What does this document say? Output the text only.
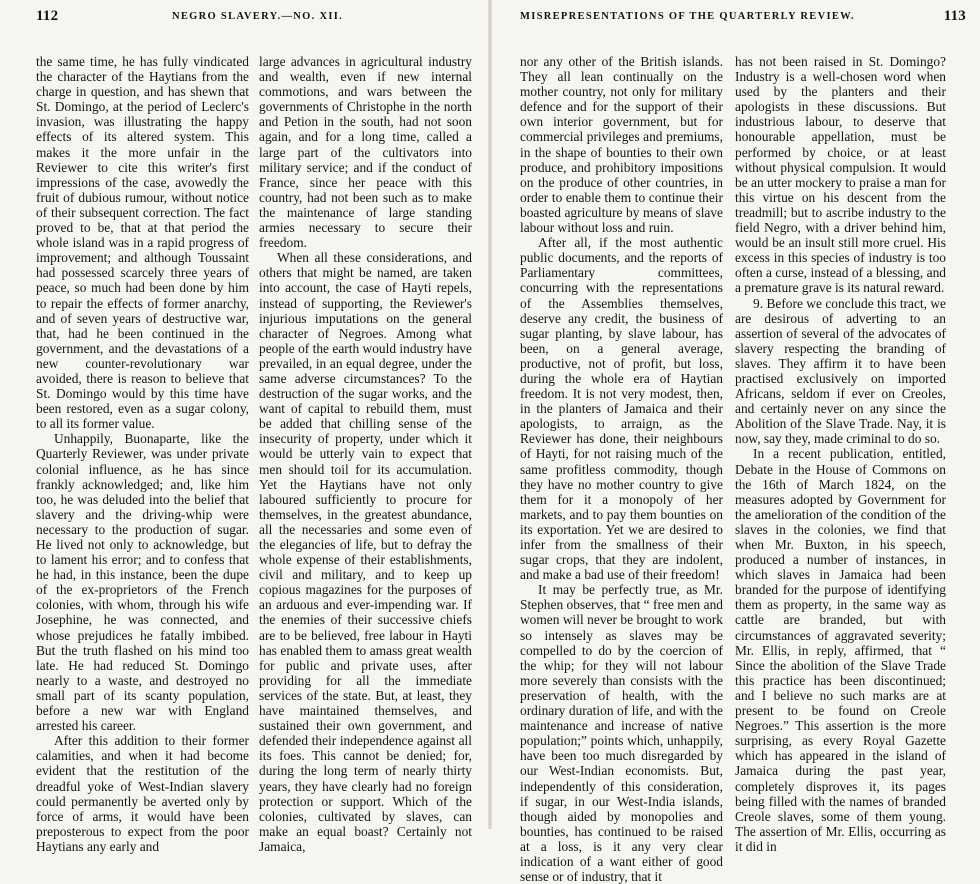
112	NEGRO SLAVERY.—NO. XII.

the same time, he has fully vindicated the character of the Haytians from the charge in question, and has shewn that St. Domingo, at the period of Leclerc's invasion, was illustrating the happy effects of its altered system. This makes it the more unfair in the Reviewer to cite this writer's first impressions of the case, avowedly the fruit of dubious rumour, without notice of their subsequent correction. The fact proved to be, that at that period the whole island was in a rapid progress of improvement; and although Toussaint had possessed scarcely three years of peace, so much had been done by him to repair the effects of former anarchy, and of seven years of destructive war, that, had he been continued in the government, and the devastations of a new counter-revolutionary war avoided, there is reason to believe that St. Domingo would by this time have been restored, even as a sugar colony, to all its former value.

Unhappily, Buonaparte, like the Quarterly Reviewer, was under private colonial influence, as he has since frankly acknowledged; and, like him too, he was deluded into the belief that slavery and the driving-whip were necessary to the production of sugar. He lived not only to acknowledge, but to lament his error; and to confess that he had, in this instance, been the dupe of the ex-proprietors of the French colonies, with whom, through his wife Josephine, he was connected, and whose prejudices he fatally imbibed. But the truth flashed on his mind too late. He had reduced St. Domingo nearly to a waste, and destroyed no small part of its scanty population, before a new war with England arrested his career.

After this addition to their former calamities, and when it had become evident that the restitution of the dreadful yoke of West-Indian slavery could permanently be averted only by force of arms, it would have been preposterous to expect from the poor Haytians any early and

large advances in agricultural industry and wealth, even if new internal commotions, and wars between the governments of Christophe in the north and Petion in the south, had not soon again, and for a long time, called a large part of the cultivators into military service; and if the conduct of France, since her peace with this country, had not been such as to make the maintenance of large standing armies necessary to secure their freedom.

When all these considerations, and others that might be named, are taken into account, the case of Hayti repels, instead of supporting, the Reviewer's injurious imputations on the general character of Negroes. Among what people of the earth would industry have prevailed, in an equal degree, under the same adverse circumstances? To the destruction of the sugar works, and the want of capital to rebuild them, must be added that chilling sense of the insecurity of property, under which it would be utterly vain to expect that men should toil for its accumulation. Yet the Haytians have not only laboured sufficiently to procure for themselves, in the greatest abundance, all the necessaries and some even of the elegancies of life, but to defray the whole expense of their establishments, civil and military, and to keep up copious magazines for the purposes of an arduous and ever-impending war. If the enemies of their successive chiefs are to be believed, free labour in Hayti has enabled them to amass great wealth for public and private uses, after providing for all the immediate services of the state. But, at least, they have maintained themselves, and sustained their own government, and defended their independence against all its foes. This cannot be denied; for, during the long term of nearly thirty years, they have clearly had no foreign protection or support. Which of the colonies, cultivated by slaves, can make an equal boast? Certainly not Jamaica,

MISREPRESENTATIONS OF THE QUARTERLY REVIEW.	113

nor any other of the British islands. They all lean continually on the mother country, not only for military defence and for the support of their own interior government, but for commercial privileges and premiums, in the shape of bounties to their own produce, and prohibitory impositions on the produce of other countries, in order to enable them to continue their boasted agriculture by means of slave labour without loss and ruin.

After all, if the most authentic public documents, and the reports of Parliamentary committees, concurring with the representations of the Assemblies themselves, deserve any credit, the business of sugar planting, by slave labour, has been, on a general average, productive, not of profit, but loss, during the whole era of Haytian freedom. It is not very modest, then, in the planters of Jamaica and their apologists, to arraign, as the Reviewer has done, their neighbours of Hayti, for not raising much of the same profitless commodity, though they have no mother country to give them for it a monopoly of her markets, and to pay them bounties on its exportation. Yet we are desired to infer from the smallness of their sugar crops, that they are indolent, and make a bad use of their freedom!

It may be perfectly true, as Mr. Stephen observes, that “ free men and women will never be brought to work so intensely as slaves may be compelled to do by the coercion of the whip; for they will not labour more severely than consists with the preservation of health, with the ordinary duration of life, and with the maintenance and increase of native population;” points which, unhappily, have been too much disregarded by our West-Indian economists. But, independently of this consideration, if sugar, in our West-India islands, though aided by monopolies and bounties, has continued to be raised at a loss, is it any very clear indication of a want either of good sense or of industry, that it

has not been raised in St. Domingo? Industry is a well-chosen word when used by the planters and their apologists in these discussions. But industrious labour, to deserve that honourable appellation, must be performed by choice, or at least without physical compulsion. It would be an utter mockery to praise a man for this virtue on his descent from the treadmill; but to ascribe industry to the field Negro, with a driver behind him, would be an insult still more cruel. His excess in this species of industry is too often a curse, instead of a blessing, and a premature grave is its natural reward.

9. Before we conclude this tract, we are desirous of adverting to an assertion of several of the advocates of slavery respecting the branding of slaves. They affirm it to have been practised exclusively on imported Africans, seldom if ever on Creoles, and certainly never on any since the Abolition of the Slave Trade. Nay, it is now, say they, made criminal to do so.

In a recent publication, entitled, Debate in the House of Commons on the 16th of March 1824, on the measures adopted by Government for the amelioration of the condition of the slaves in the colonies, we find that when Mr. Buxton, in his speech, produced a number of instances, in which slaves in Jamaica had been branded for the purpose of identifying them as property, in the same way as cattle are branded, but with circumstances of aggravated severity; Mr. Ellis, in reply, affirmed, that “ Since the abolition of the Slave Trade this practice has been discontinued; and I believe no such marks are at present to be found on Creole Negroes.” This assertion is the more surprising, as every Royal Gazette which has appeared in the island of Jamaica during the past year, completely disproves it, its pages being filled with the names of branded Creole slaves, some of them young. The assertion of Mr. Ellis, occurring as it did in
